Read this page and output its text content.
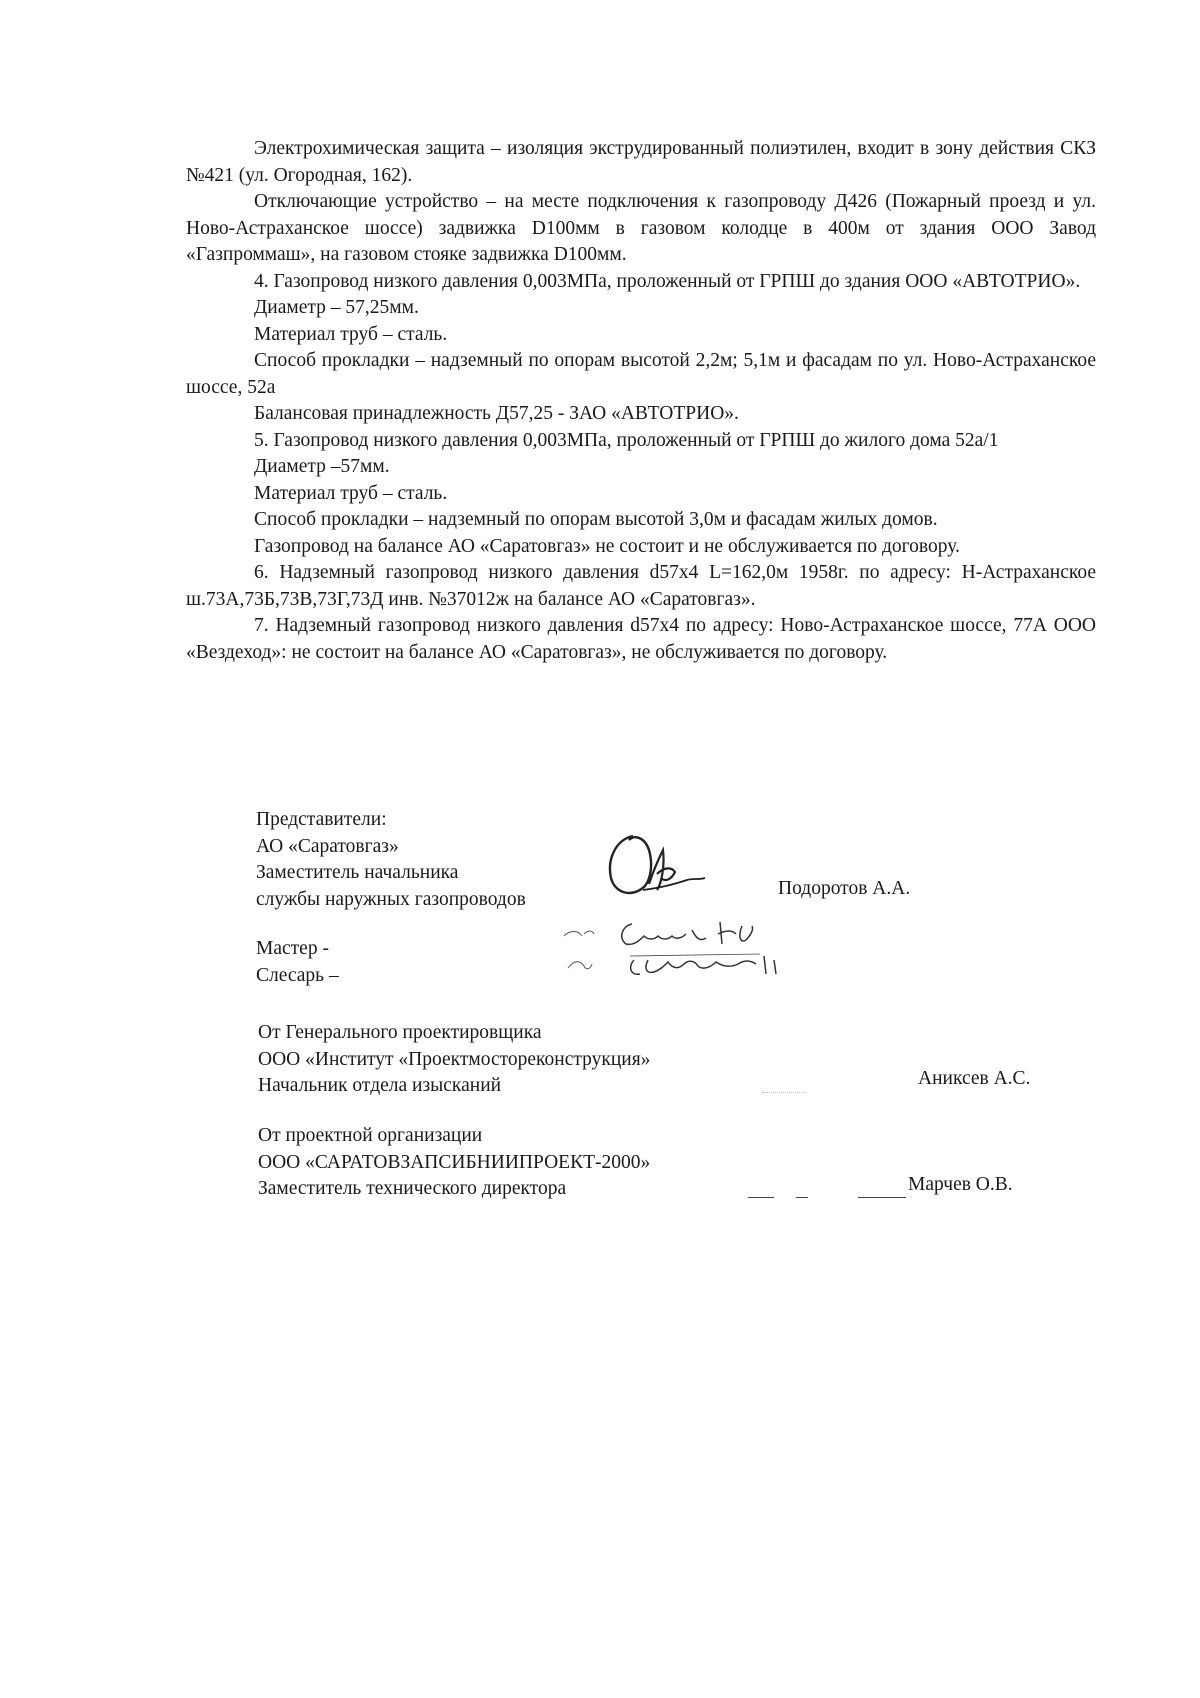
Электрохимическая защита – изоляция экструдированный полиэтилен, входит в зону действия СКЗ №421 (ул. Огородная, 162).

Отключающие устройство – на месте подключения к газопроводу Д426 (Пожарный проезд и ул. Ново-Астраханское шоссе) задвижка D100мм в газовом колодце в 400м от здания ООО Завод «Газпроммаш», на газовом стояке задвижка D100мм.

4. Газопровод низкого давления 0,003МПа, проложенный от ГРПШ до здания ООО «АВТОТРИО».

Диаметр – 57,25мм.

Материал труб – сталь.

Способ прокладки – надземный по опорам высотой 2,2м; 5,1м и фасадам по ул. Ново-Астраханское шоссе, 52а

Балансовая принадлежность Д57,25 - ЗАО «АВТОТРИО».

5. Газопровод низкого давления 0,003МПа, проложенный от ГРПШ до жилого дома 52а/1

Диаметр –57мм.

Материал труб – сталь.

Способ прокладки – надземный по опорам высотой 3,0м и фасадам жилых домов.

Газопровод на балансе АО «Саратовгаз» не состоит и не обслуживается по договору.

6. Надземный газопровод низкого давления d57x4 L=162,0м 1958г. по адресу: Н-Астраханское ш.73А,73Б,73В,73Г,73Д инв. №37012ж на балансе АО «Саратовгаз».

7. Надземный газопровод низкого давления d57x4 по адресу: Ново-Астраханское шоссе, 77А ООО «Вездеход»: не состоит на балансе АО «Саратовгаз», не обслуживается по договору.

Представители:
АО «Саратовгаз»
Заместитель начальника
службы наружных газопроводов	Подоротов А.А.
Мастер -
Слесарь –
От Генерального проектировщика
ООО «Институт «Проектмостореконструкция»
Начальник отдела изысканий	Аниксев А.С.
От проектной организации
ООО «САРАТОВЗАПСИБНИИПРОЕКТ-2000»
Заместитель технического директора	Марчев О.В.
